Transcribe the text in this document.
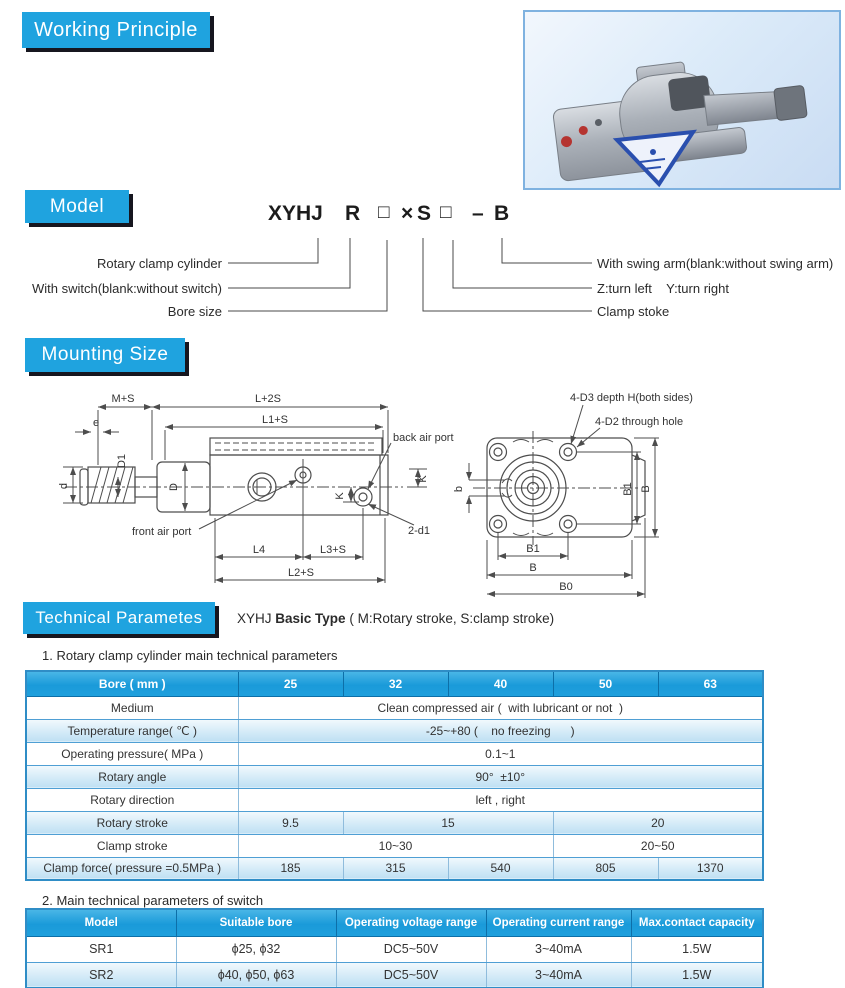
Working Principle
Model
Mounting Size
Technical Parametes
XYHJ R □ × S □ – B
Rotary clamp cylinder
With switch(blank:without switch)
Bore size
With swing arm(blank:without swing arm)
Z:turn left    Y:turn right
Clamp stoke
M+S	L+2S
L1+S
e
D1
d	D
K
K
back air port
front air port	2-d1
L4	L3+S
L2+S
4-D3 depth H(both sides)
4-D2 through hole
b	B1 B
B1
B
B0
XYHJ Basic Type ( M:Rotary stroke, S:clamp stroke)
1. Rotary clamp cylinder main technical parameters
2. Main technical parameters of switch
Bore ( mm )	25	32	40	50	63
Medium	Clean compressed air (  with lubricant or not  )				
Temperature range( ℃ )	-25~+80 (    no freezing      )				
Operating pressure( MPa )	0.1~1				
Rotary angle	90°  ±10°				
Rotary direction	left , right				
Rotary stroke	9.5	15		20	
Clamp stroke	10~30			20~50	
Clamp force( pressure =0.5MPa )	185	315	540	805	1370
Model	Suitable bore	Operating voltage range	Operating current range	Max.contact capacity
SR1	ϕ25, ϕ32	DC5~50V	3~40mA	1.5W
SR2	ϕ40, ϕ50, ϕ63	DC5~50V	3~40mA	1.5W
